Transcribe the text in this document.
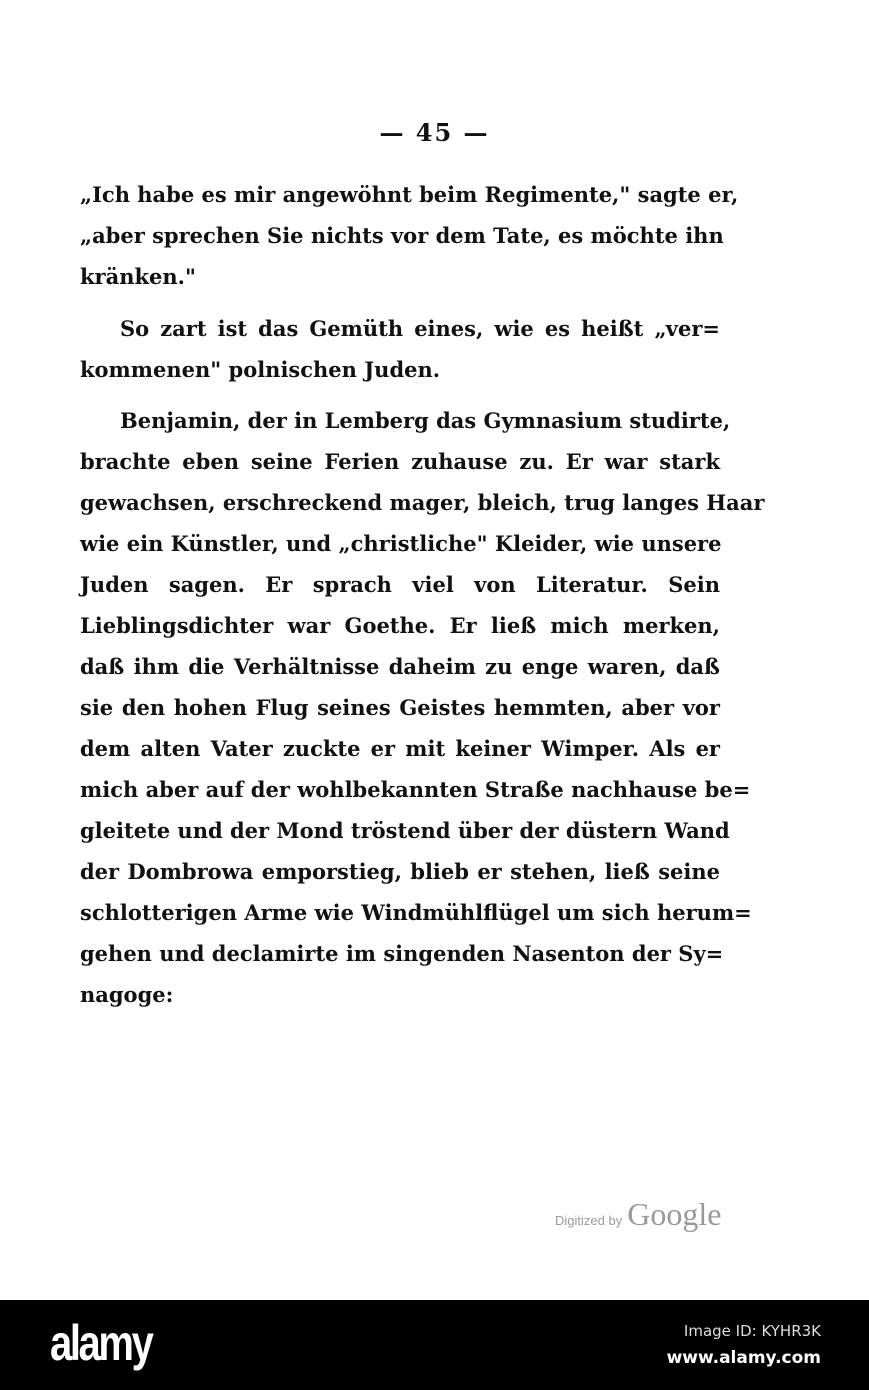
— 45 —
„Ich habe es mir angewöhnt beim Regimente," sagte er,
„aber sprechen Sie nichts vor dem Tate, es möchte ihn
kränken."
So zart ist das Gemüth eines, wie es heißt „ver=
kommenen" polnischen Juden.
Benjamin, der in Lemberg das Gymnasium studirte,
brachte eben seine Ferien zuhause zu. Er war stark
gewachsen, erschreckend mager, bleich, trug langes Haar
wie ein Künstler, und „christliche" Kleider, wie unsere
Juden sagen. Er sprach viel von Literatur. Sein
Lieblingsdichter war Goethe. Er ließ mich merken,
daß ihm die Verhältnisse daheim zu enge waren, daß
sie den hohen Flug seines Geistes hemmten, aber vor
dem alten Vater zuckte er mit keiner Wimper. Als er
mich aber auf der wohlbekannten Straße nachhause be=
gleitete und der Mond tröstend über der düstern Wand
der Dombrowa emporstieg, blieb er stehen, ließ seine
schlotterigen Arme wie Windmühlflügel um sich herum=
gehen und declamirte im singenden Nasenton der Sy=
nagoge:
Digitized by Google
alamy	Image ID: KYHR3K
www.alamy.com
